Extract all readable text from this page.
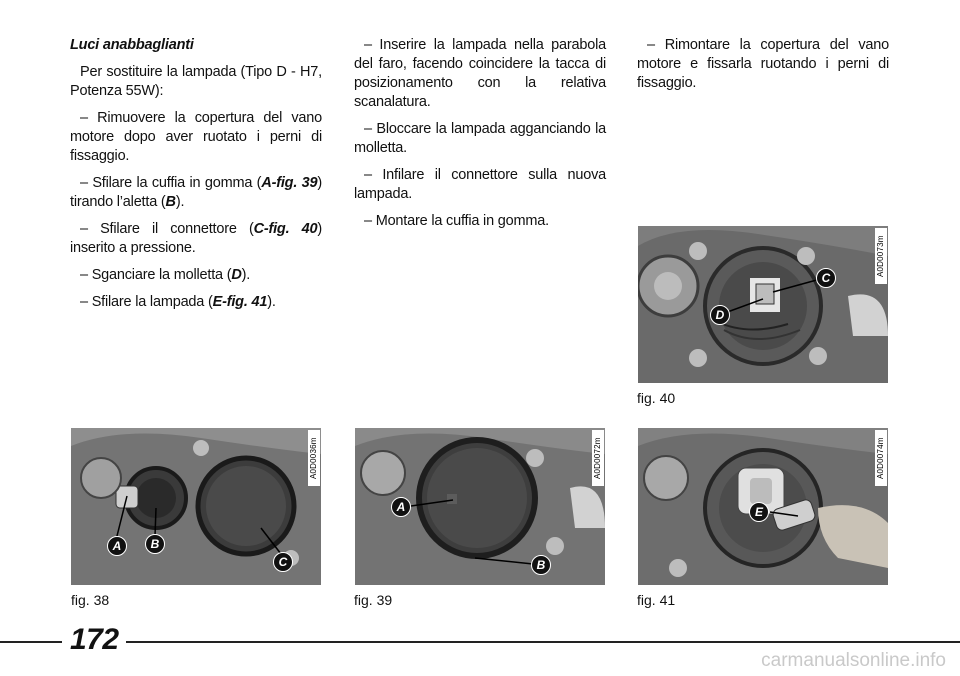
Luci anabbaglianti

Per sostituire la lampada (Tipo D - H7, Potenza 55W):

– Rimuovere la copertura del vano motore dopo aver ruotato i perni di fissaggio.

– Sfilare la cuffia in gomma (A-fig. 39) tirando l’aletta (B).

– Sfilare il connettore (C-fig. 40) inserito a pressione.

– Sganciare la molletta (D).

– Sfilare la lampada (E-fig. 41).

– Inserire la lampada nella parabola del faro, facendo coincidere la tacca di posizionamento con la relativa scanalatura.

– Bloccare la lampada agganciando la molletta.

– Infilare il connettore sulla nuova lampada.

– Montare la cuffia in gomma.

– Rimontare la copertura del vano motore e fissarla ruotando i perni di fissaggio.

A0D0073m
C
D
fig. 40
A0D0036m
A	B
C
fig. 38
A0D0072m
A
B
fig. 39
A0D0074m
E
fig. 41
172
carmanualsonline.info
